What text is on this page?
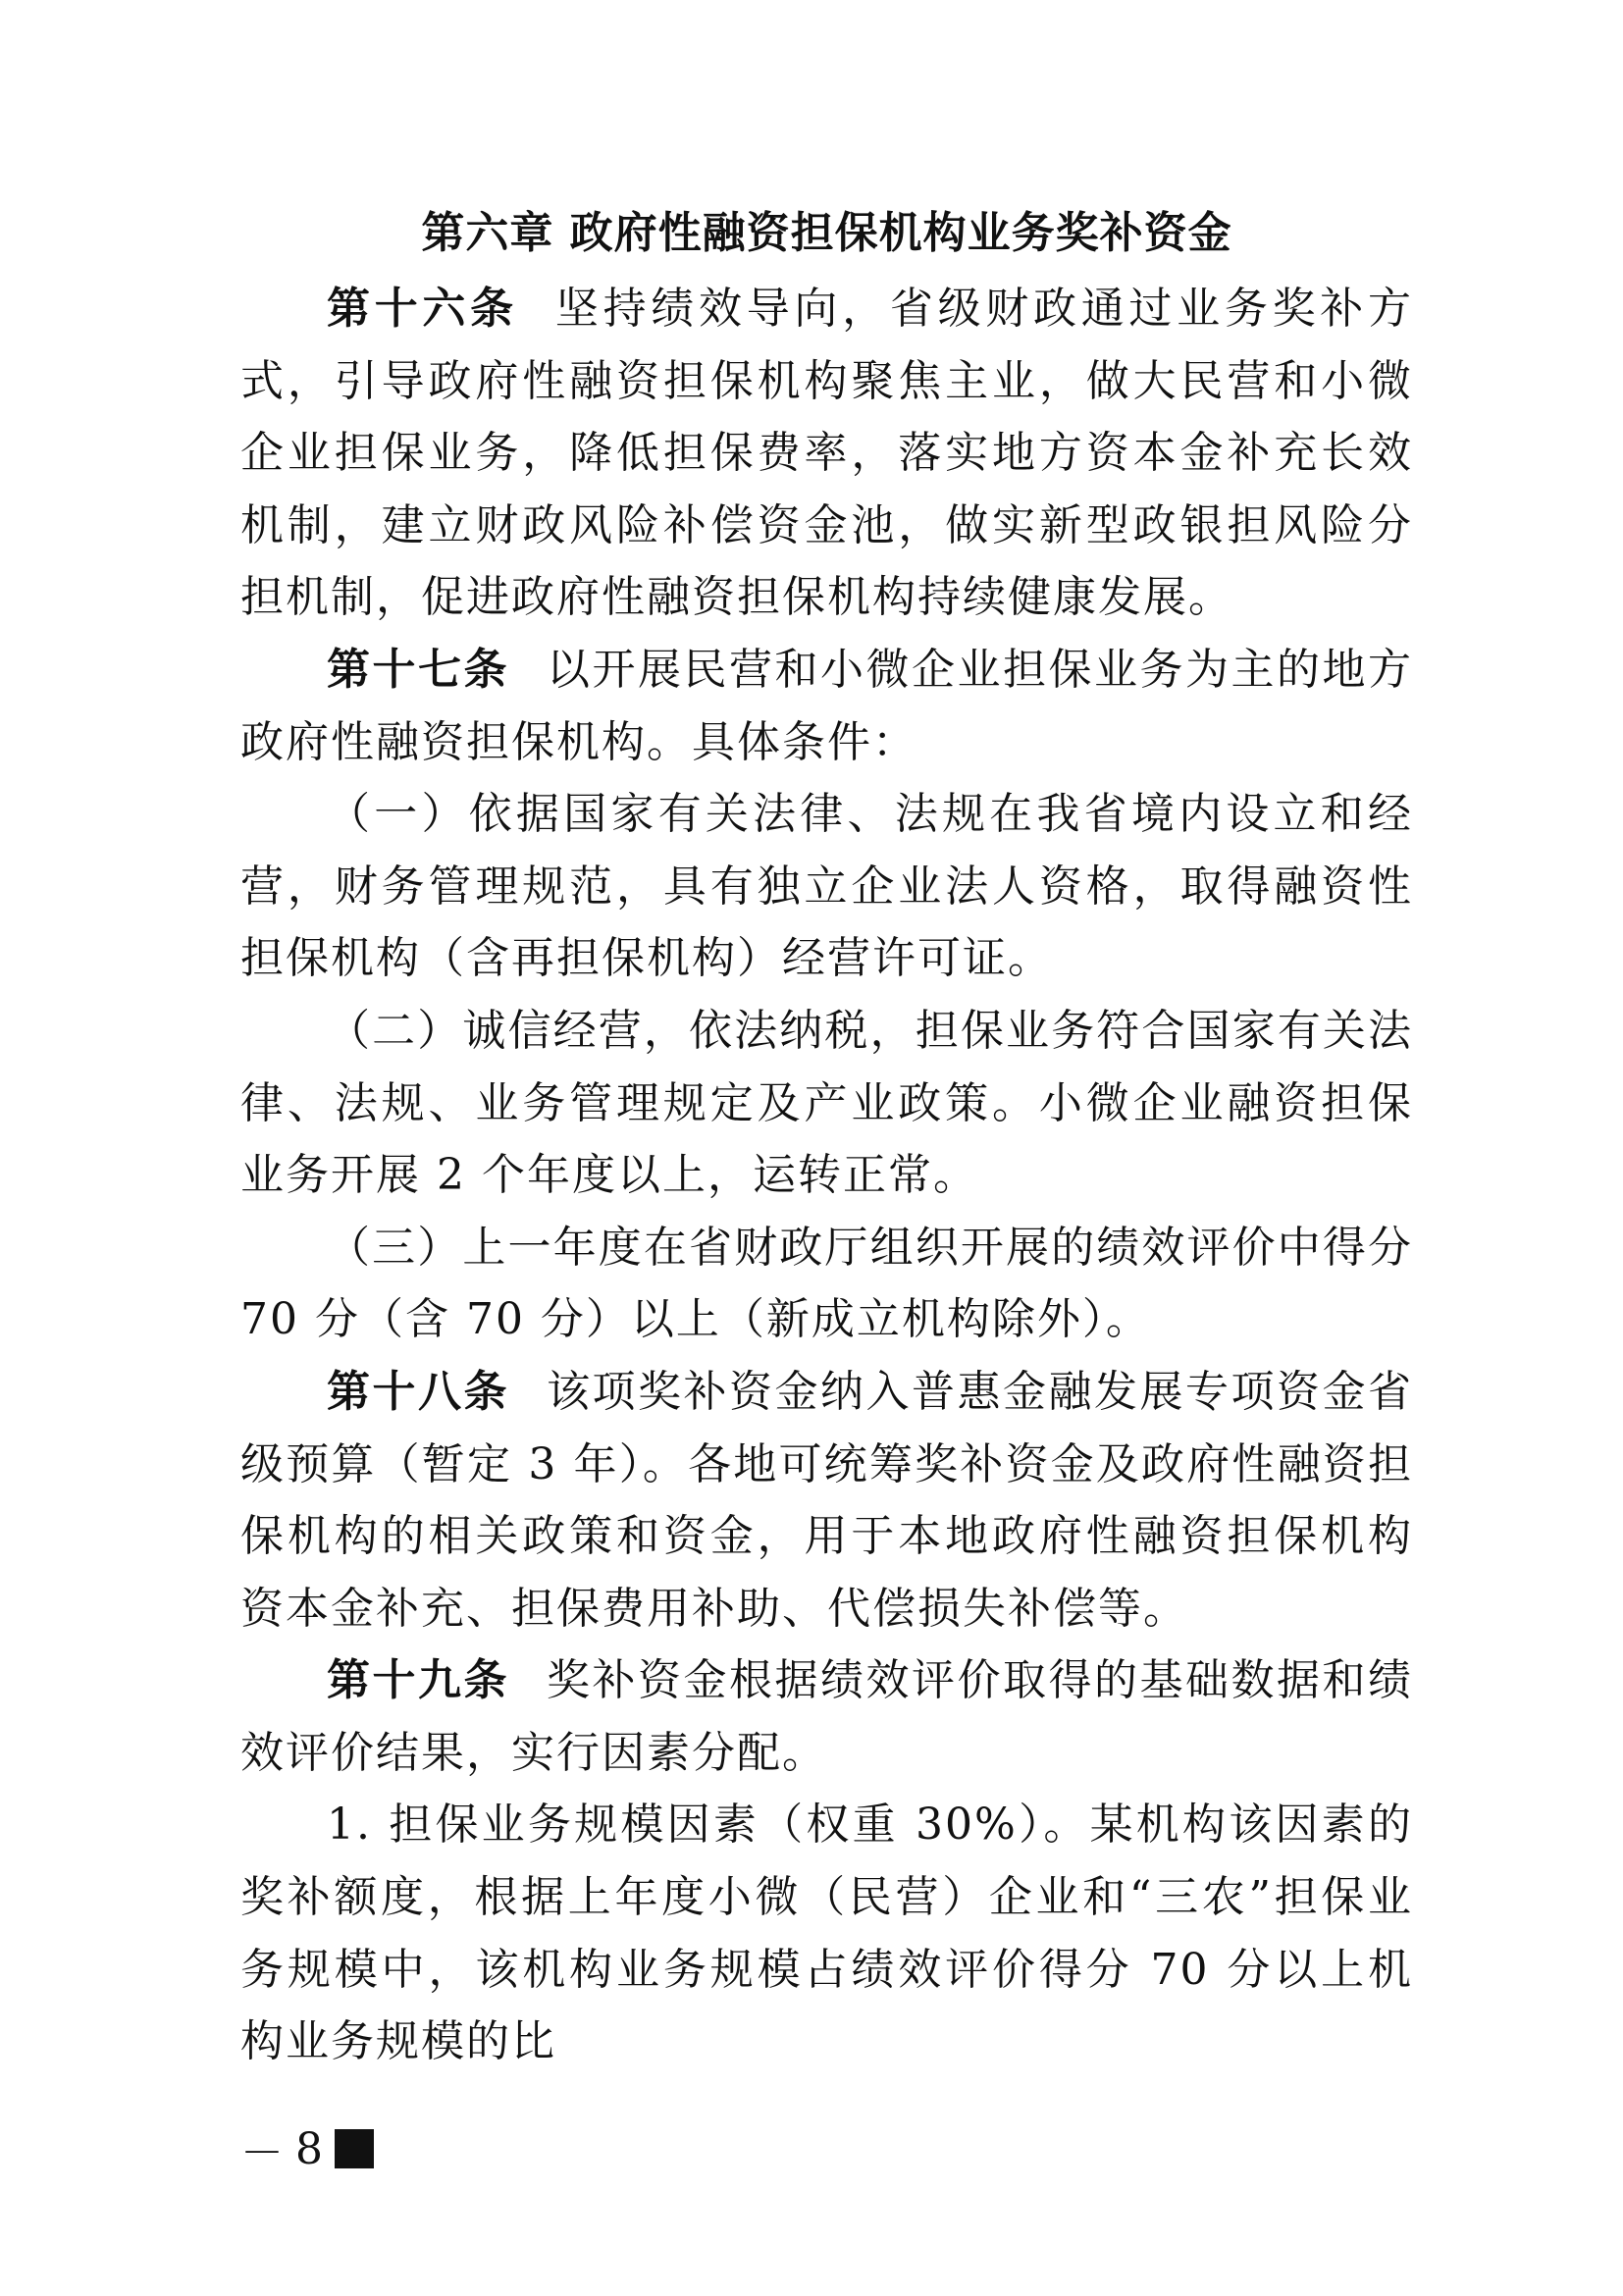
第六章 政府性融资担保机构业务奖补资金

第十六条 坚持绩效导向，省级财政通过业务奖补方式，引导政府性融资担保机构聚焦主业，做大民营和小微企业担保业务，降低担保费率，落实地方资本金补充长效机制，建立财政风险补偿资金池，做实新型政银担风险分担机制，促进政府性融资担保机构持续健康发展。

第十七条 以开展民营和小微企业担保业务为主的地方政府性融资担保机构。具体条件：

（一）依据国家有关法律、法规在我省境内设立和经营，财务管理规范，具有独立企业法人资格，取得融资性担保机构（含再担保机构）经营许可证。

（二）诚信经营，依法纳税，担保业务符合国家有关法律、法规、业务管理规定及产业政策。小微企业融资担保业务开展 2 个年度以上，运转正常。

（三）上一年度在省财政厅组织开展的绩效评价中得分 70 分（含 70 分）以上（新成立机构除外）。

第十八条 该项奖补资金纳入普惠金融发展专项资金省级预算（暂定 3 年）。各地可统筹奖补资金及政府性融资担保机构的相关政策和资金，用于本地政府性融资担保机构资本金补充、担保费用补助、代偿损失补偿等。

第十九条 奖补资金根据绩效评价取得的基础数据和绩效评价结果，实行因素分配。

1. 担保业务规模因素（权重 30%）。某机构该因素的奖补额度，根据上年度小微（民营）企业和“三农”担保业务规模中，该机构业务规模占绩效评价得分 70 分以上机构业务规模的比

－ 8
